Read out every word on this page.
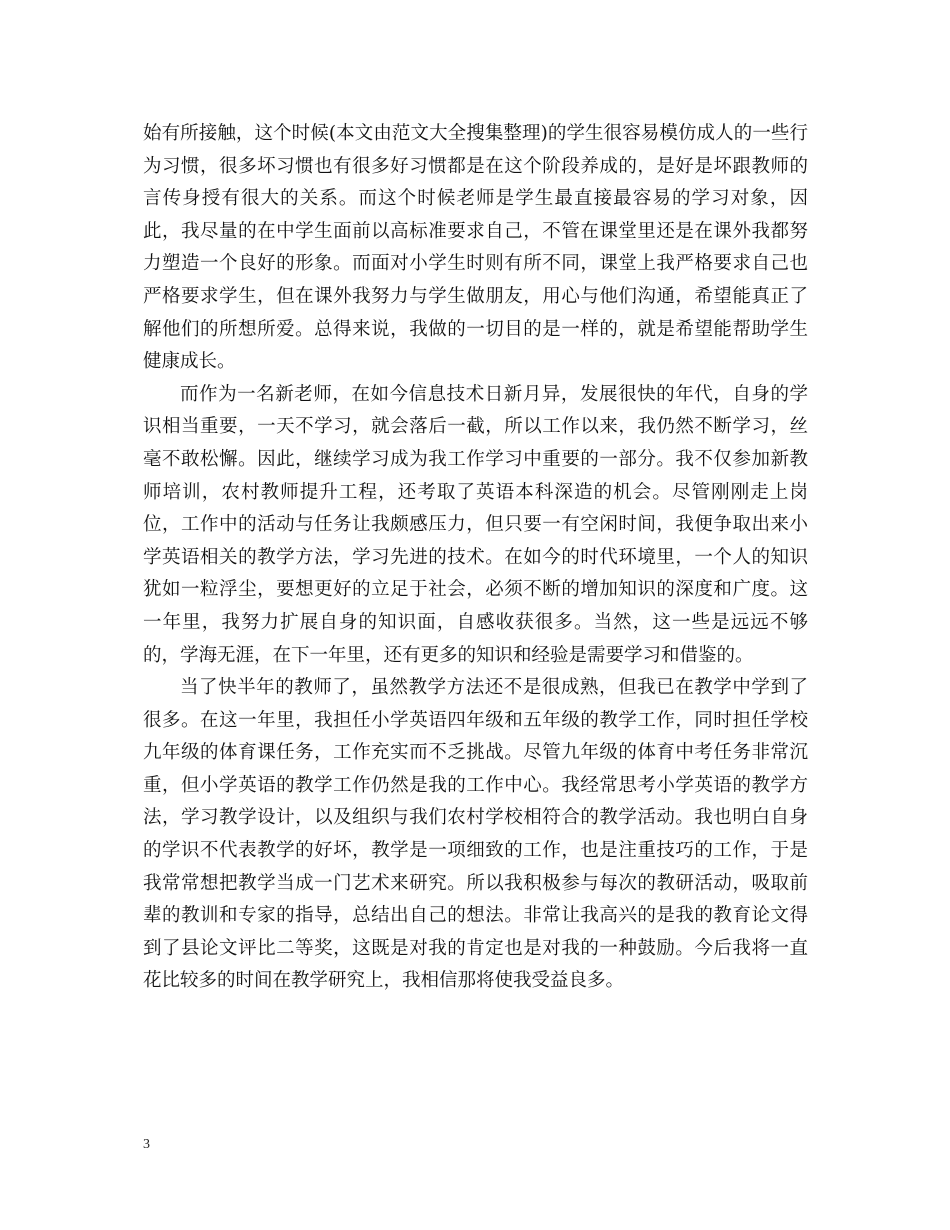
始有所接触，这个时候(本文由范文大全搜集整理)的学生很容易模仿成人的一些行为习惯，很多坏习惯也有很多好习惯都是在这个阶段养成的，是好是坏跟教师的言传身授有很大的关系。而这个时候老师是学生最直接最容易的学习对象，因此，我尽量的在中学生面前以高标准要求自己，不管在课堂里还是在课外我都努力塑造一个良好的形象。而面对小学生时则有所不同，课堂上我严格要求自己也严格要求学生，但在课外我努力与学生做朋友，用心与他们沟通，希望能真正了解他们的所想所爱。总得来说，我做的一切目的是一样的，就是希望能帮助学生健康成长。

而作为一名新老师，在如今信息技术日新月异，发展很快的年代，自身的学识相当重要，一天不学习，就会落后一截，所以工作以来，我仍然不断学习，丝毫不敢松懈。因此，继续学习成为我工作学习中重要的一部分。我不仅参加新教师培训，农村教师提升工程，还考取了英语本科深造的机会。尽管刚刚走上岗位，工作中的活动与任务让我颇感压力，但只要一有空闲时间，我便争取出来小学英语相关的教学方法，学习先进的技术。在如今的时代环境里，一个人的知识犹如一粒浮尘，要想更好的立足于社会，必须不断的增加知识的深度和广度。这一年里，我努力扩展自身的知识面，自感收获很多。当然，这一些是远远不够的，学海无涯，在下一年里，还有更多的知识和经验是需要学习和借鉴的。

当了快半年的教师了，虽然教学方法还不是很成熟，但我已在教学中学到了很多。在这一年里，我担任小学英语四年级和五年级的教学工作，同时担任学校九年级的体育课任务，工作充实而不乏挑战。尽管九年级的体育中考任务非常沉重，但小学英语的教学工作仍然是我的工作中心。我经常思考小学英语的教学方法，学习教学设计，以及组织与我们农村学校相符合的教学活动。我也明白自身的学识不代表教学的好坏，教学是一项细致的工作，也是注重技巧的工作，于是我常常想把教学当成一门艺术来研究。所以我积极参与每次的教研活动，吸取前辈的教训和专家的指导，总结出自己的想法。非常让我高兴的是我的教育论文得到了县论文评比二等奖，这既是对我的肯定也是对我的一种鼓励。今后我将一直花比较多的时间在教学研究上，我相信那将使我受益良多。

3
